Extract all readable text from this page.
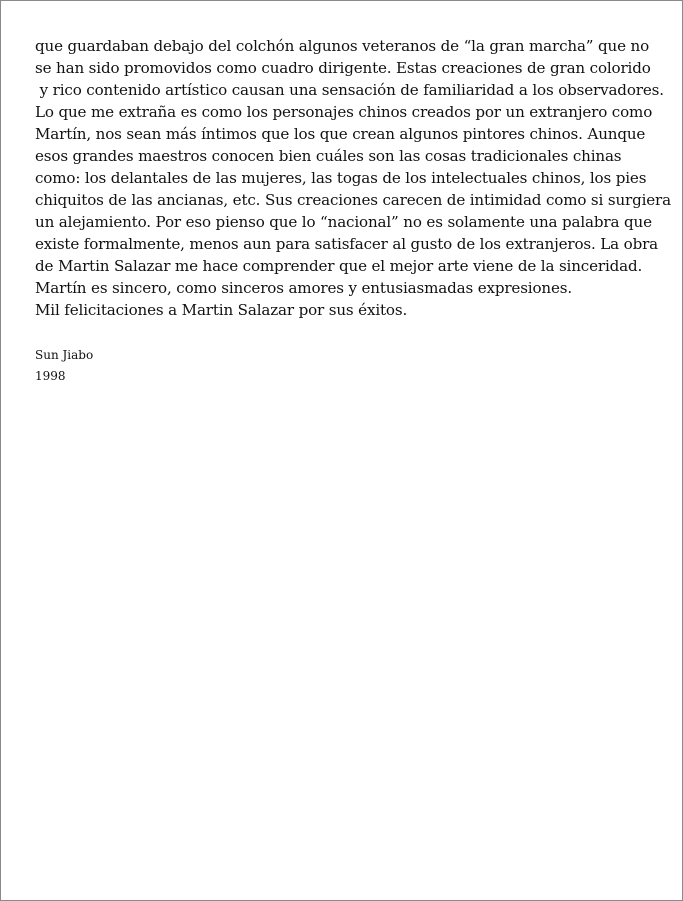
que guardaban debajo del colchón algunos veteranos de “la gran marcha” que no
se han sido promovidos como cuadro dirigente. Estas creaciones de gran colorido
y rico contenido artístico causan una sensación de familiaridad a los observadores.
Lo que me extraña es como los personajes chinos creados por un extranjero como
Martín, nos sean más íntimos que los que crean algunos pintores chinos. Aunque
esos grandes maestros conocen bien cuáles son las cosas tradicionales chinas
como: los delantales de las mujeres, las togas de los intelectuales chinos, los pies
chiquitos de las ancianas, etc. Sus creaciones carecen de intimidad como si surgiera
un alejamiento. Por eso pienso que lo “nacional” no es solamente una palabra que
existe formalmente, menos aun para satisfacer al gusto de los extranjeros. La obra
de Martin Salazar me hace comprender que el mejor arte viene de la sinceridad.
Martín es sincero, como sinceros amores y entusiasmadas expresiones.
Mil felicitaciones a Martin Salazar por sus éxitos.
Sun Jiabo
1998
